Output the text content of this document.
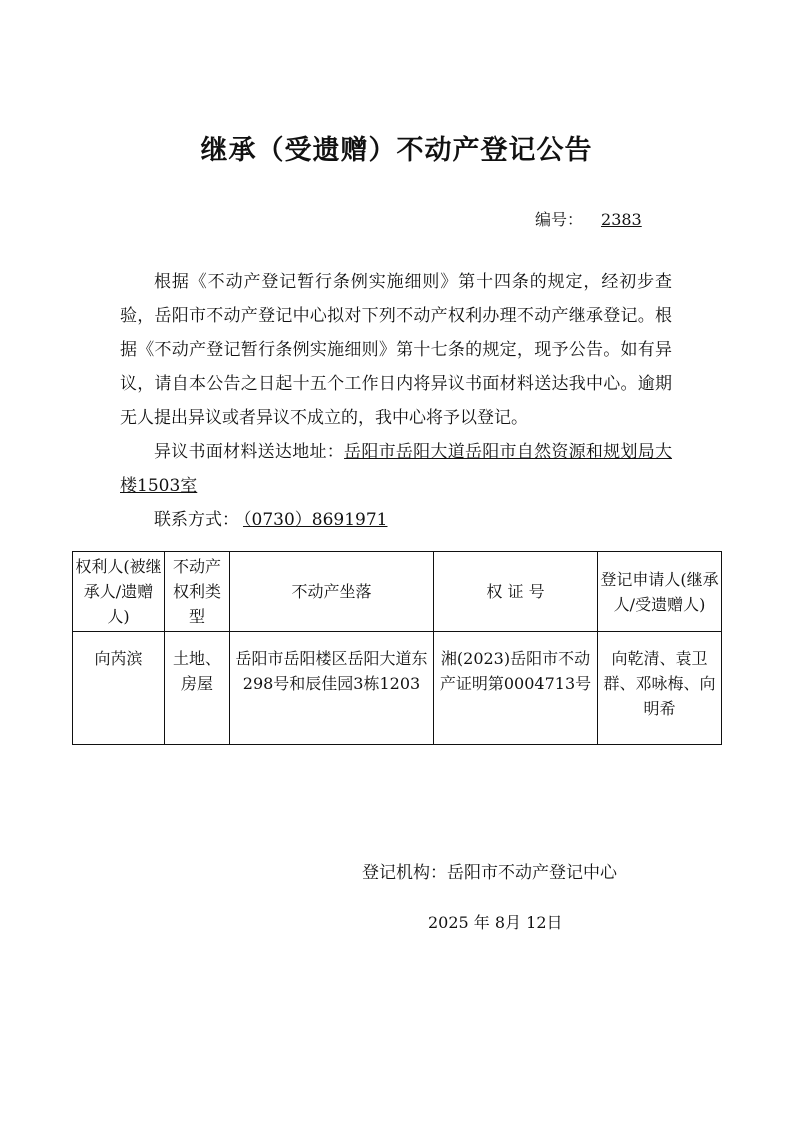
继承（受遗赠）不动产登记公告
编号： 2383
根据《不动产登记暂行条例实施细则》第十四条的规定，经初步查验，岳阳市不动产登记中心拟对下列不动产权利办理不动产继承登记。根据《不动产登记暂行条例实施细则》第十七条的规定，现予公告。如有异议，请自本公告之日起十五个工作日内将异议书面材料送达我中心。逾期无人提出异议或者异议不成立的，我中心将予以登记。
异议书面材料送达地址：岳阳市岳阳大道岳阳市自然资源和规划局大楼1503室
联系方式： （0730）8691971
权利人(被继承人/遗赠人)	不动产权利类型	不动产坐落	权 证 号	登记申请人(继承人/受遗赠人)
向芮滨	土地、房屋	岳阳市岳阳楼区岳阳大道东298号和辰佳园3栋1203	湘(2023)岳阳市不动产证明第0004713号	向乾清、袁卫群、邓咏梅、向明希
登记机构：岳阳市不动产登记中心
2025 年 8月 12日
